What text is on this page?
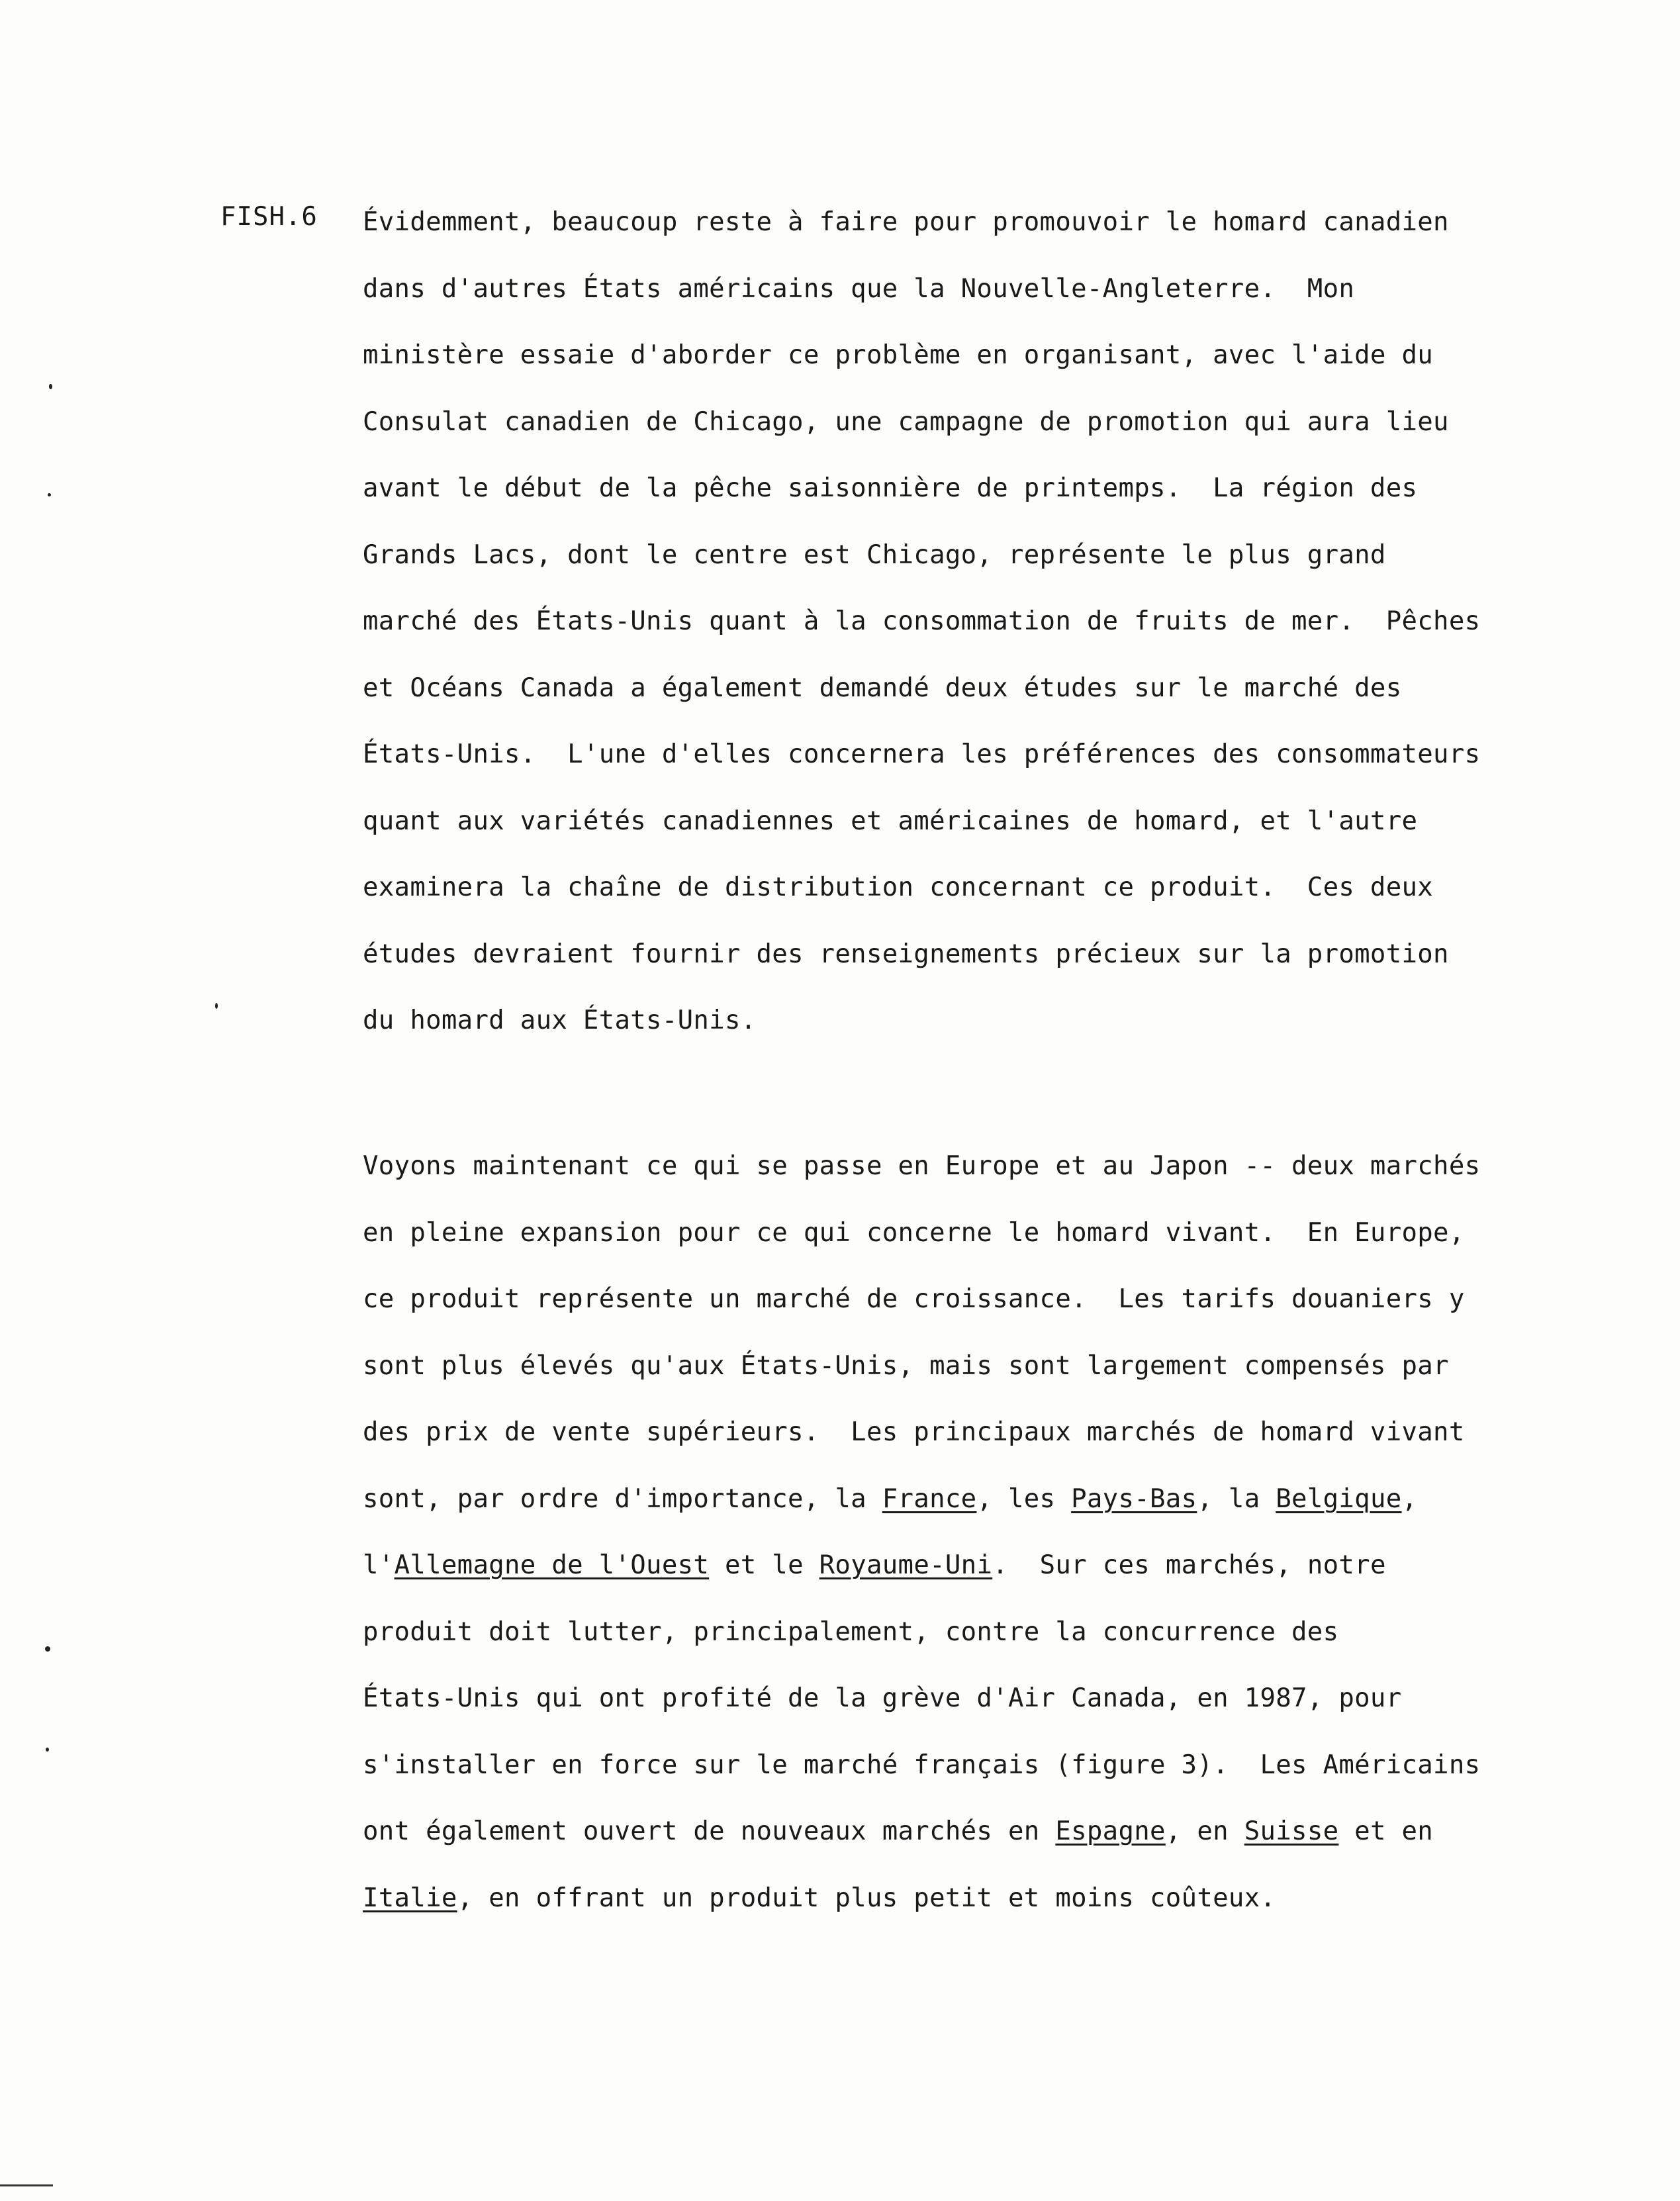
FISH.6 Évidemment, beaucoup reste à faire pour promouvoir le homard canadien
dans d'autres États américains que la Nouvelle-Angleterre.  Mon
ministère essaie d'aborder ce problème en organisant, avec l'aide du
Consulat canadien de Chicago, une campagne de promotion qui aura lieu
avant le début de la pêche saisonnière de printemps.  La région des
Grands Lacs, dont le centre est Chicago, représente le plus grand
marché des États-Unis quant à la consommation de fruits de mer.  Pêches
et Océans Canada a également demandé deux études sur le marché des
États-Unis.  L'une d'elles concernera les préférences des consommateurs
quant aux variétés canadiennes et américaines de homard, et l'autre
examinera la chaîne de distribution concernant ce produit.  Ces deux
études devraient fournir des renseignements précieux sur la promotion
du homard aux États-Unis.
Voyons maintenant ce qui se passe en Europe et au Japon -- deux marchés
en pleine expansion pour ce qui concerne le homard vivant.  En Europe,
ce produit représente un marché de croissance.  Les tarifs douaniers y
sont plus élevés qu'aux États-Unis, mais sont largement compensés par
des prix de vente supérieurs.  Les principaux marchés de homard vivant
sont, par ordre d'importance, la France, les Pays-Bas, la Belgique,
l'Allemagne de l'Ouest et le Royaume-Uni.  Sur ces marchés, notre
produit doit lutter, principalement, contre la concurrence des
États-Unis qui ont profité de la grève d'Air Canada, en 1987, pour
s'installer en force sur le marché français (figure 3).  Les Américains
ont également ouvert de nouveaux marchés en Espagne, en Suisse et en
Italie, en offrant un produit plus petit et moins coûteux.
